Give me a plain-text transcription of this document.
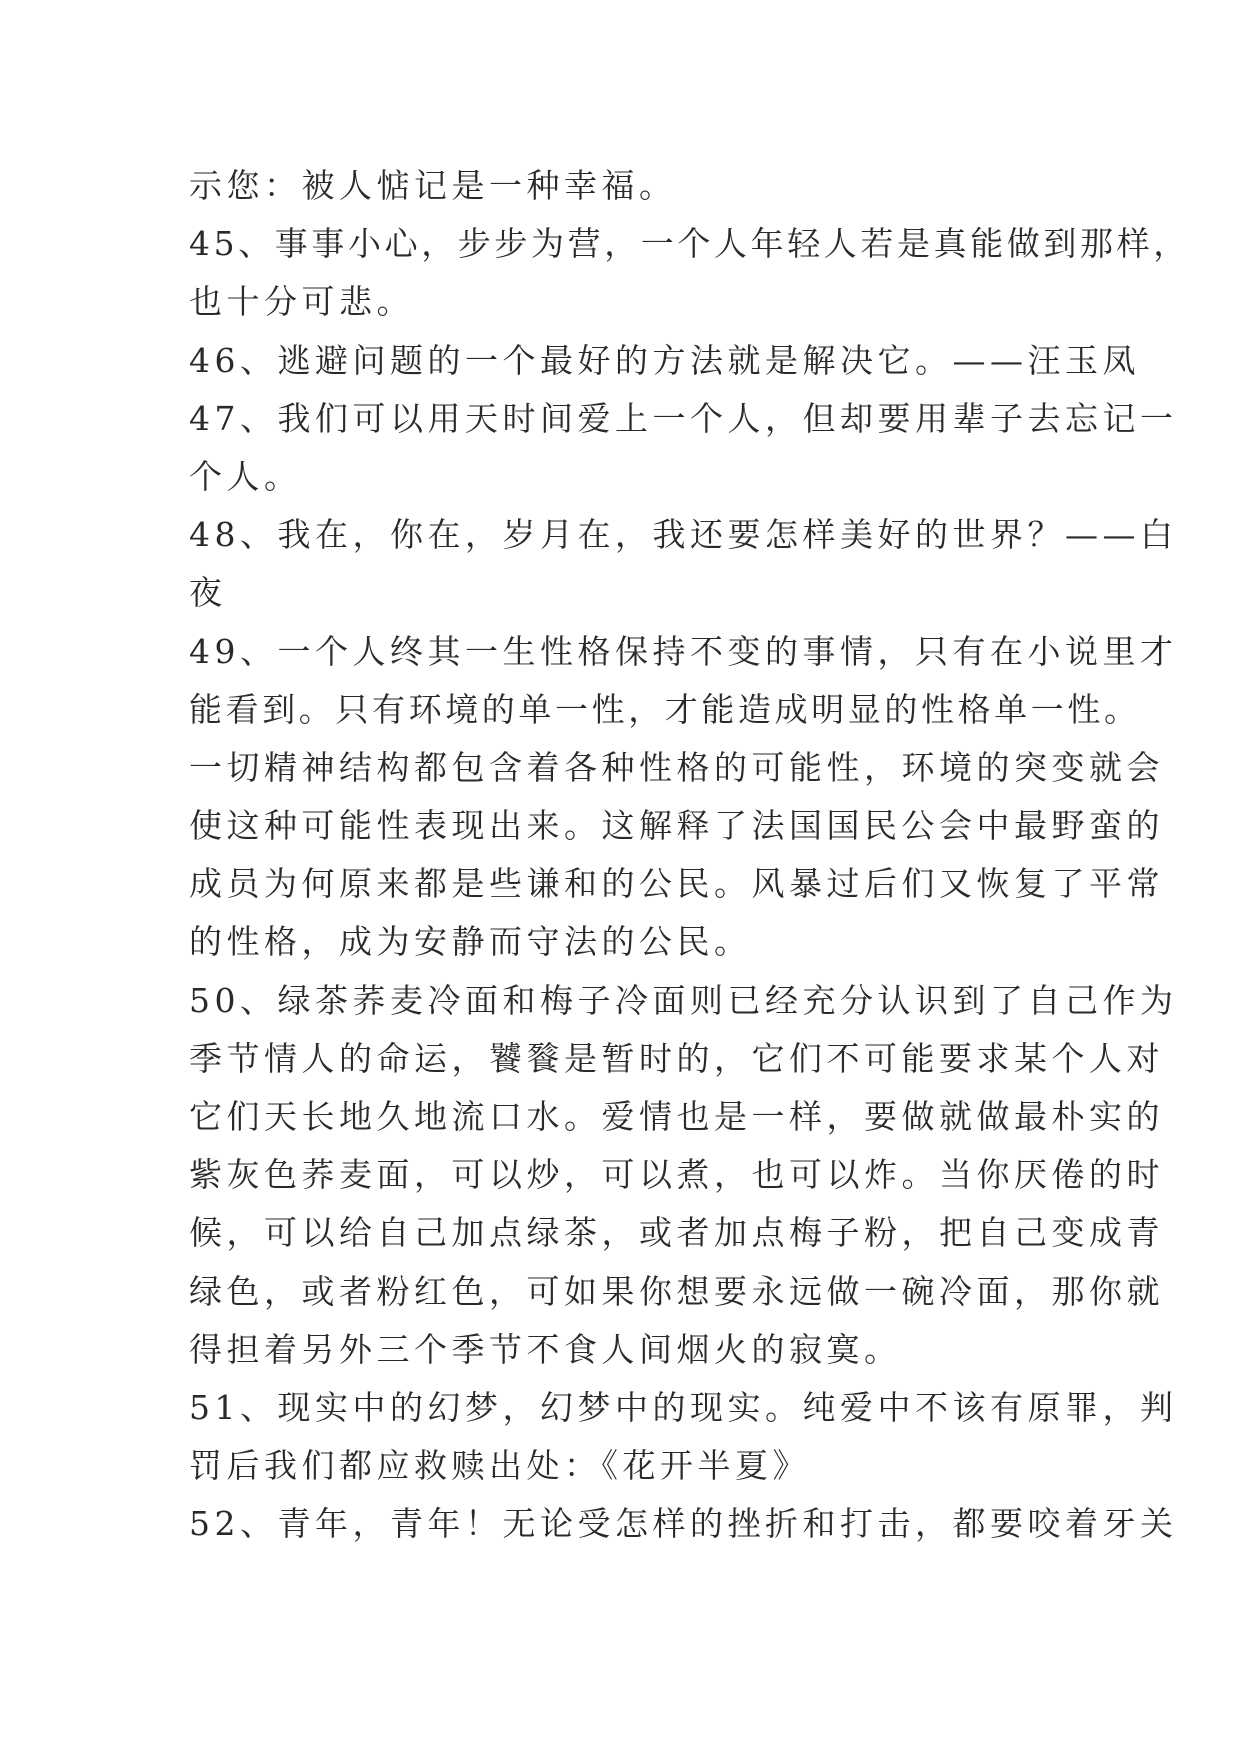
示您：被人惦记是一种幸福。
45、事事小心，步步为营，一个人年轻人若是真能做到那样，
也十分可悲。
46、逃避问题的一个最好的方法就是解决它。——汪玉凤
47、我们可以用天时间爱上一个人，但却要用辈子去忘记一
个人。
48、我在，你在，岁月在，我还要怎样美好的世界？——白
夜
49、一个人终其一生性格保持不变的事情，只有在小说里才
能看到。只有环境的单一性，才能造成明显的性格单一性。
一切精神结构都包含着各种性格的可能性，环境的突变就会
使这种可能性表现出来。这解释了法国国民公会中最野蛮的
成员为何原来都是些谦和的公民。风暴过后们又恢复了平常
的性格，成为安静而守法的公民。
50、绿茶荞麦冷面和梅子冷面则已经充分认识到了自己作为
季节情人的命运，饕餮是暂时的，它们不可能要求某个人对
它们天长地久地流口水。爱情也是一样，要做就做最朴实的
紫灰色荞麦面，可以炒，可以煮，也可以炸。当你厌倦的时
候，可以给自己加点绿茶，或者加点梅子粉，把自己变成青
绿色，或者粉红色，可如果你想要永远做一碗冷面，那你就
得担着另外三个季节不食人间烟火的寂寞。
51、现实中的幻梦，幻梦中的现实。纯爱中不该有原罪，判
罚后我们都应救赎出处：《花开半夏》
52、青年，青年！无论受怎样的挫折和打击，都要咬着牙关
